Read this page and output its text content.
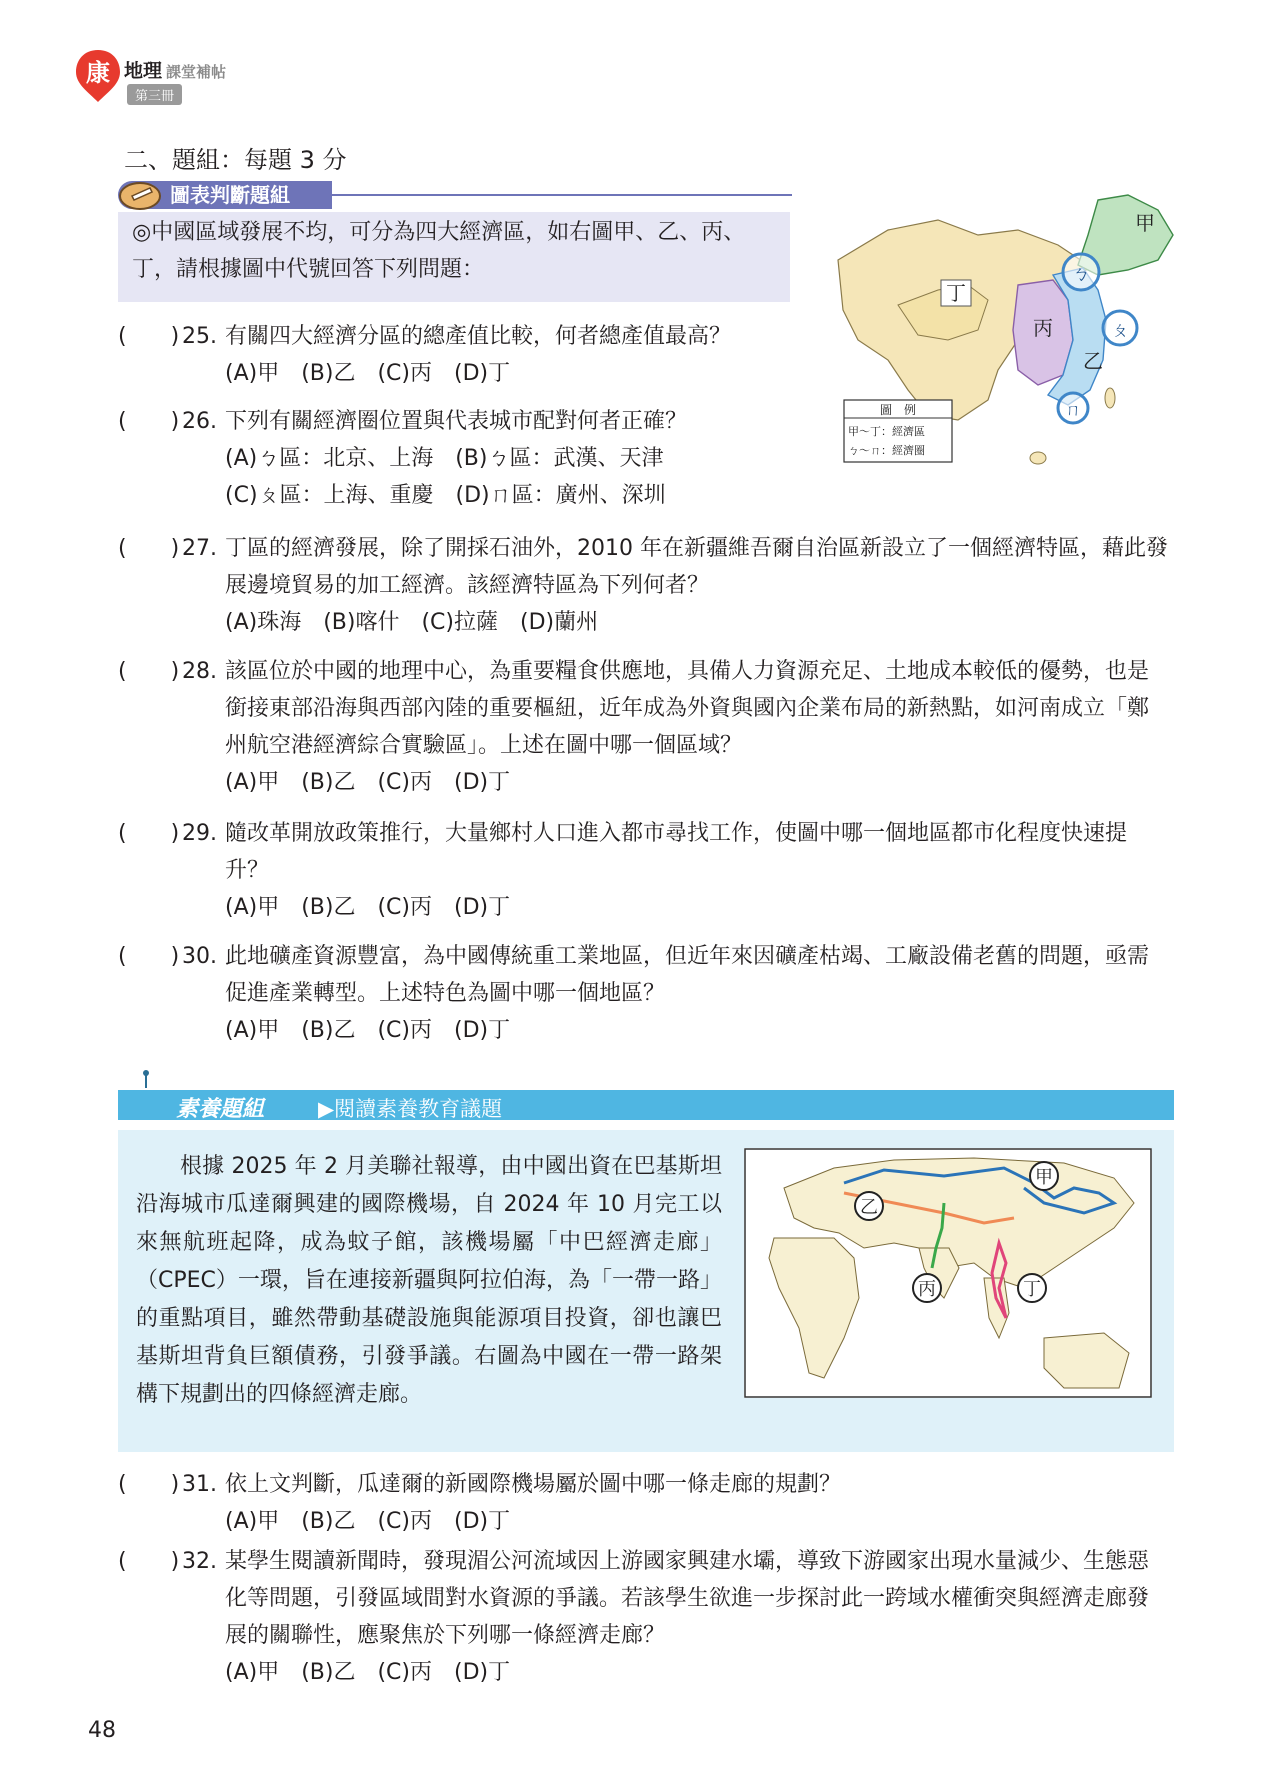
康 地理 課堂補帖
第三冊
二、題組：每題 3 分
圖表判斷題組
◎中國區域發展不均，可分為四大經濟區，如右圖甲、乙、丙、丁，請根據圖中代號回答下列問題：
甲
乙
丙
丁
ㄅ
ㄆ
ㄇ
圖　例
甲～丁：經濟區
ㄅ～ㄇ：經濟圈
(　　) 25. 有關四大經濟分區的總產值比較，何者總產值最高？
(A)甲　(B)乙　(C)丙　(D)丁
(　　) 26. 下列有關經濟圈位置與代表城市配對何者正確？
(A)ㄅ區：北京、上海　(B)ㄅ區：武漢、天津
(C)ㄆ區：上海、重慶　(D)ㄇ區：廣州、深圳
(　　) 27. 丁區的經濟發展，除了開採石油外，2010 年在新疆維吾爾自治區新設立了一個經濟特區，藉此發展邊境貿易的加工經濟。該經濟特區為下列何者？
(A)珠海　(B)喀什　(C)拉薩　(D)蘭州
(　　) 28. 該區位於中國的地理中心，為重要糧食供應地，具備人力資源充足、土地成本較低的優勢，也是銜接東部沿海與西部內陸的重要樞紐，近年成為外資與國內企業布局的新熱點，如河南成立「鄭州航空港經濟綜合實驗區」。上述在圖中哪一個區域？
(A)甲　(B)乙　(C)丙　(D)丁
(　　) 29. 隨改革開放政策推行，大量鄉村人口進入都市尋找工作，使圖中哪一個地區都市化程度快速提升？
(A)甲　(B)乙　(C)丙　(D)丁
(　　) 30. 此地礦產資源豐富，為中國傳統重工業地區，但近年來因礦產枯竭、工廠設備老舊的問題，亟需促進產業轉型。上述特色為圖中哪一個地區？
(A)甲　(B)乙　(C)丙　(D)丁
(　　) 31. 依上文判斷，瓜達爾的新國際機場屬於圖中哪一條走廊的規劃？
(A)甲　(B)乙　(C)丙　(D)丁
(　　) 32. 某學生閱讀新聞時，發現湄公河流域因上游國家興建水壩，導致下游國家出現水量減少、生態惡化等問題，引發區域間對水資源的爭議。若該學生欲進一步探討此一跨域水權衝突與經濟走廊發展的關聯性，應聚焦於下列哪一條經濟走廊？
(A)甲　(B)乙　(C)丙　(D)丁
素養題組	▶閱讀素養教育議題
根據 2025 年 2 月美聯社報導，由中國出資在巴基斯坦沿海城市瓜達爾興建的國際機場，自 2024 年 10 月完工以來無航班起降，成為蚊子館，該機場屬「中巴經濟走廊」（CPEC）一環，旨在連接新疆與阿拉伯海，為「一帶一路」的重點項目，雖然帶動基礎設施與能源項目投資，卻也讓巴基斯坦背負巨額債務，引發爭議。右圖為中國在一帶一路架構下規劃出的四條經濟走廊。
甲
乙
丙	丁
48
